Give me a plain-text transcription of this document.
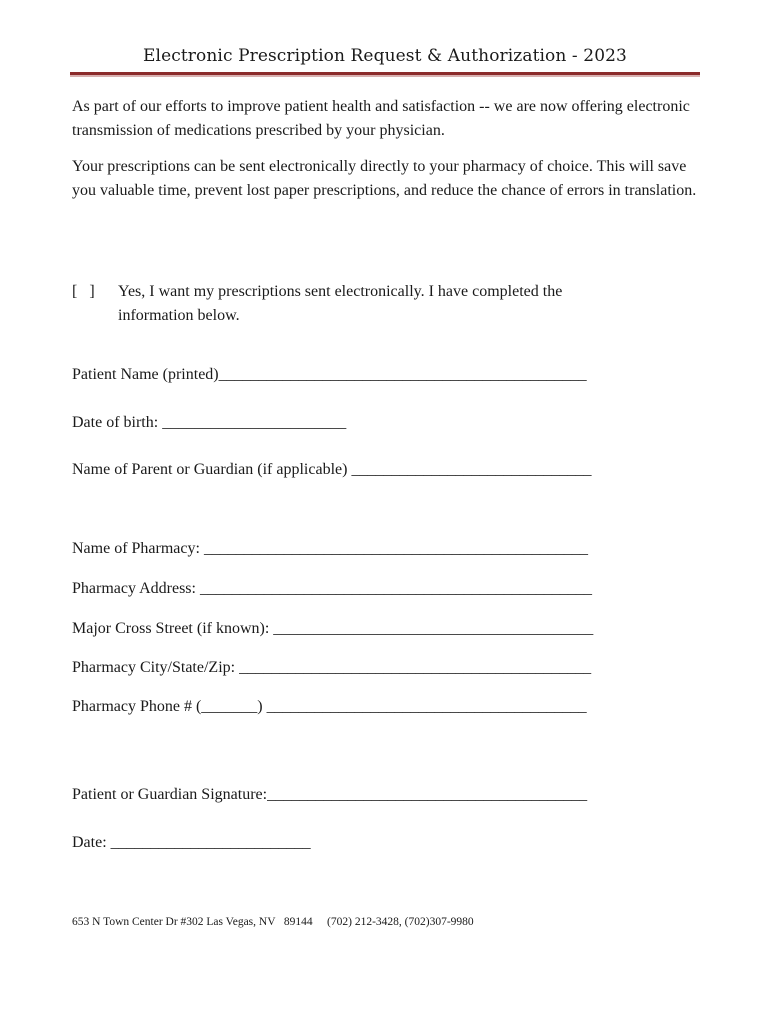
Electronic Prescription Request & Authorization - 2023
As part of our efforts to improve patient health and satisfaction -- we are now offering electronic transmission of medications prescribed by your physician.
Your prescriptions can be sent electronically directly to your pharmacy of choice. This will save you valuable time, prevent lost paper prescriptions, and reduce the chance of errors in translation.
[   ] Yes, I want my prescriptions sent electronically. I have completed the information below.
Patient Name (printed)______________________________________________
Date of birth: _______________________
Name of Parent or Guardian (if applicable) ______________________________
Name of Pharmacy: ________________________________________________
Pharmacy Address: _________________________________________________
Major Cross Street (if known): ________________________________________
Pharmacy City/State/Zip: ____________________________________________
Pharmacy Phone # (_______) ________________________________________
Patient or Guardian Signature:________________________________________
Date: _________________________
653 N Town Center Dr #302 Las Vegas, NV   89144     (702) 212-3428, (702)307-9980
